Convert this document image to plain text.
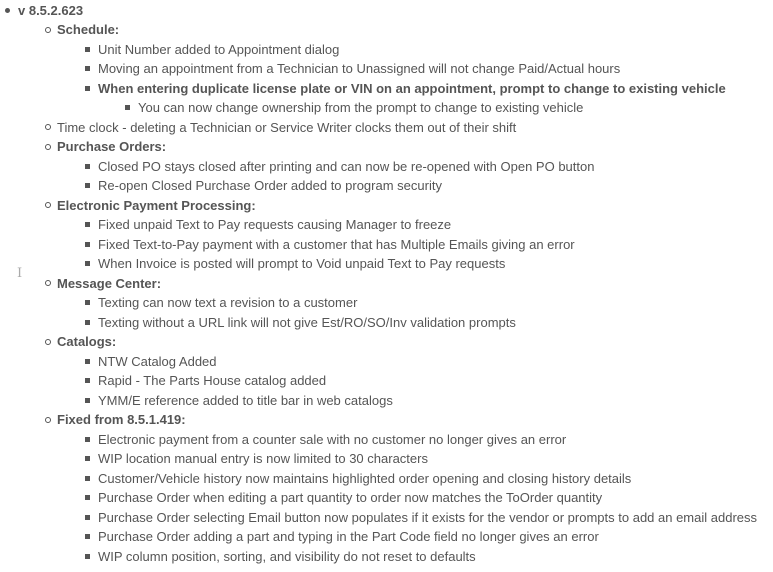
I
v 8.5.2.623
Schedule:
Unit Number added to Appointment dialog
Moving an appointment from a Technician to Unassigned will not change Paid/Actual hours
When entering duplicate license plate or VIN on an appointment, prompt to change to existing vehicle
You can now change ownership from the prompt to change to existing vehicle
Time clock - deleting a Technician or Service Writer clocks them out of their shift
Purchase Orders:
Closed PO stays closed after printing and can now be re-opened with Open PO button
Re-open Closed Purchase Order added to program security
Electronic Payment Processing:
Fixed unpaid Text to Pay requests causing Manager to freeze
Fixed Text-to-Pay payment with a customer that has Multiple Emails giving an error
When Invoice is posted will prompt to Void unpaid Text to Pay requests
Message Center:
Texting can now text a revision to a customer
Texting without a URL link will not give Est/RO/SO/Inv validation prompts
Catalogs:
NTW Catalog Added
Rapid - The Parts House catalog added
YMM/E reference added to title bar in web catalogs
Fixed from 8.5.1.419:
Electronic payment from a counter sale with no customer no longer gives an error
WIP location manual entry is now limited to 30 characters
Customer/Vehicle history now maintains highlighted order opening and closing history details
Purchase Order when editing a part quantity to order now matches the ToOrder quantity
Purchase Order selecting Email button now populates if it exists for the vendor or prompts to add an email address
Purchase Order adding a part and typing in the Part Code field no longer gives an error
WIP column position, sorting, and visibility do not reset to defaults
